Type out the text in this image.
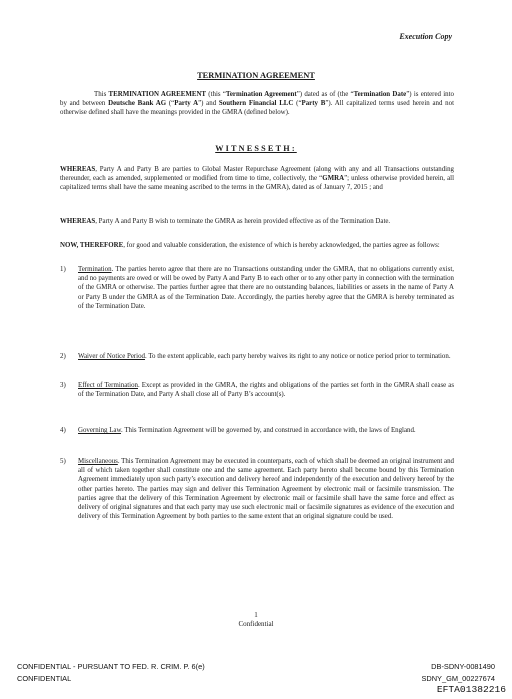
Execution Copy
TERMINATION AGREEMENT

This TERMINATION AGREEMENT (this “Termination Agreement”) dated as of (the “Termination Date”) is entered into by and between Deutsche Bank AG (“Party A”) and Southern Financial LLC (“Party B”). All capitalized terms used herein and not otherwise defined shall have the meanings provided in the GMRA (defined below).

WITNESSETH:

WHEREAS, Party A and Party B are parties to Global Master Repurchase Agreement (along with any and all Transactions outstanding thereunder, each as amended, supplemented or modified from time to time, collectively, the “GMRA”; unless otherwise provided herein, all capitalized terms shall have the same meaning ascribed to the terms in the GMRA), dated as of January 7, 2015 ; and

WHEREAS, Party A and Party B wish to terminate the GMRA as herein provided effective as of the Termination Date.

NOW, THEREFORE, for good and valuable consideration, the existence of which is hereby acknowledged, the parties agree as follows:

1) Termination. The parties hereto agree that there are no Transactions outstanding under the GMRA, that no obligations currently exist, and no payments are owed or will be owed by Party A and Party B to each other or to any other party in connection with the termination of the GMRA or otherwise. The parties further agree that there are no outstanding balances, liabilities or assets in the name of Party A or Party B under the GMRA as of the Termination Date. Accordingly, the parties hereby agree that the GMRA is hereby terminated as of the Termination Date.
2) Waiver of Notice Period. To the extent applicable, each party hereby waives its right to any notice or notice period prior to termination.
3) Effect of Termination. Except as provided in the GMRA, the rights and obligations of the parties set forth in the GMRA shall cease as of the Termination Date, and Party A shall close all of Party B’s account(s).
4) Governing Law. This Termination Agreement will be governed by, and construed in accordance with, the laws of England.
5) Miscellaneous. This Termination Agreement may be executed in counterparts, each of which shall be deemed an original instrument and all of which taken together shall constitute one and the same agreement. Each party hereto shall become bound by this Termination Agreement immediately upon such party’s execution and delivery hereof and independently of the execution and delivery hereof by the other parties hereto. The parties may sign and deliver this Termination Agreement by electronic mail or facsimile transmission. The parties agree that the delivery of this Termination Agreement by electronic mail or facsimile shall have the same force and effect as delivery of original signatures and that each party may use such electronic mail or facsimile signatures as evidence of the execution and delivery of this Termination Agreement by both parties to the same extent that an original signature could be used.
1
Confidential
CONFIDENTIAL - PURSUANT TO FED. R. CRIM. P. 6(e)
CONFIDENTIAL
DB-SDNY-0081490
SDNY_GM_00227674
EFTA01382216
